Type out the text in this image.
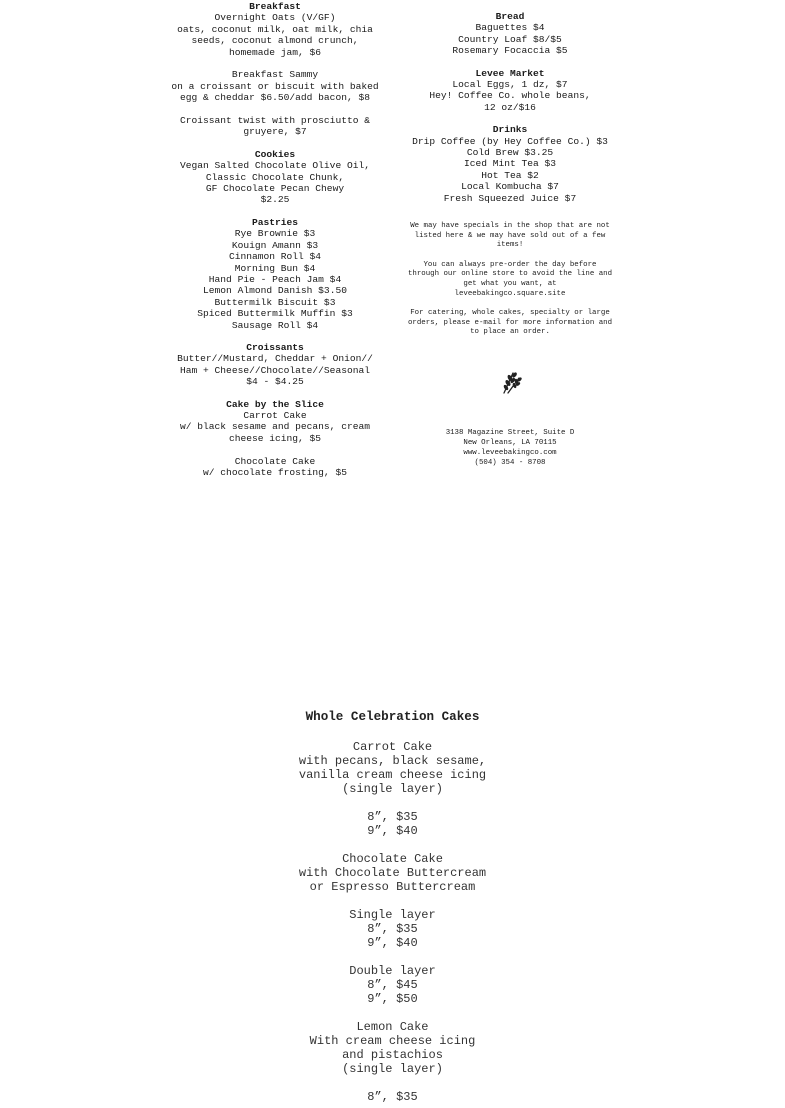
Breakfast
Overnight Oats (V/GF)
oats, coconut milk, oat milk, chia
seeds, coconut almond crunch,
homemade jam, $6
Breakfast Sammy
on a croissant or biscuit with baked
egg & cheddar $6.50/add bacon, $8
Croissant twist with prosciutto &
gruyere, $7
Cookies
Vegan Salted Chocolate Olive Oil,
Classic Chocolate Chunk,
GF Chocolate Pecan Chewy
$2.25
Pastries
Rye Brownie $3
Kouign Amann $3
Cinnamon Roll $4
Morning Bun $4
Hand Pie - Peach Jam $4
Lemon Almond Danish $3.50
Buttermilk Biscuit $3
Spiced Buttermilk Muffin $3
Sausage Roll $4
Croissants
Butter//Mustard, Cheddar + Onion//
Ham + Cheese//Chocolate//Seasonal
$4 - $4.25
Cake by the Slice
Carrot Cake
w/ black sesame and pecans, cream
cheese icing, $5
Chocolate Cake
w/ chocolate frosting, $5
Bread
Baguettes $4
Country Loaf $8/$5
Rosemary Focaccia $5
Levee Market
Local Eggs, 1 dz, $7
Hey! Coffee Co. whole beans,
12 oz/$16
Drinks
Drip Coffee (by Hey Coffee Co.) $3
Cold Brew $3.25
Iced Mint Tea $3
Hot Tea $2
Local Kombucha $7
Fresh Squeezed Juice $7
We may have specials in the shop that are not
listed here & we may have sold out of a few
items!
You can always pre-order the day before
through our online store to avoid the line and
get what you want, at
leveebakingco.square.site
For catering, whole cakes, specialty or large
orders, please e-mail for more information and
to place an order.
3138 Magazine Street, Suite D
New Orleans, LA 70115
www.leveebakingco.com
(504) 354 - 8708
Whole Celebration Cakes
Carrot Cake
with pecans, black sesame,
vanilla cream cheese icing
(single layer)
8”, $35
9”, $40
Chocolate Cake
with Chocolate Buttercream
or Espresso Buttercream
Single layer
8”, $35
9”, $40
Double layer
8”, $45
9”, $50
Lemon Cake
With cream cheese icing
and pistachios
(single layer)
8”, $35
